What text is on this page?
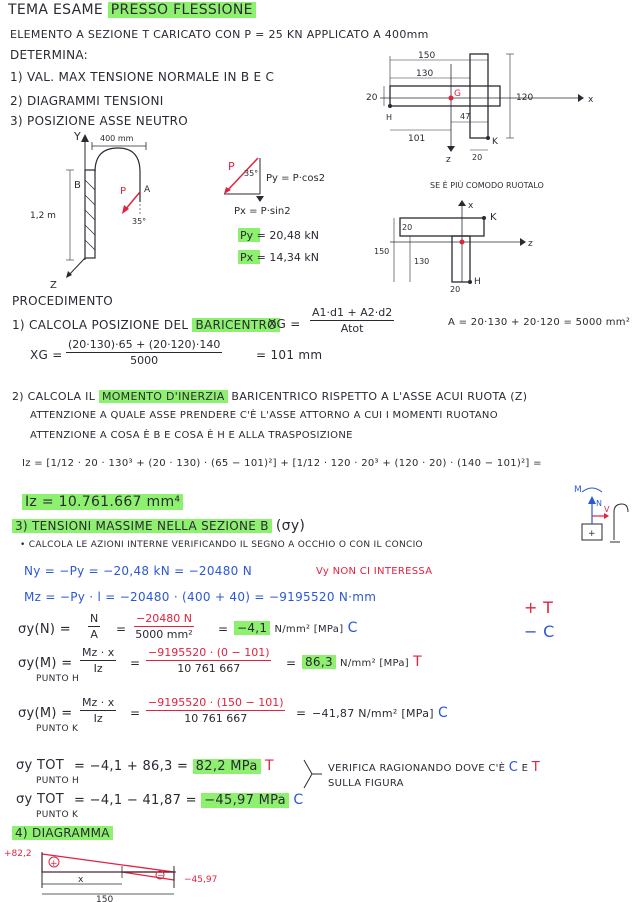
TEMA ESAME PRESSO FLESSIONE
ELEMENTO A SEZIONE T CARICATO CON P = 25 KN APPLICATO A 400mm
DETERMINA:
1) VAL. MAX TENSIONE NORMALE IN B E C
2) DIAGRAMMI TENSIONI
3) POSIZIONE ASSE NEUTRO
Y 400 mm
B
P A
35°
1,2 m
Z
P
35° Py = P·cos2
Px = P·sin2
Py = 20,48 kN
Px = 14,34 kN
150
130
20	120
G
H
K
47
101
z	20
x
SE È PIÙ COMODO RUOTALO
x
K
z
20
150
130
20
H
PROCEDIMENTO
1) CALCOLA POSIZIONE DEL BARICENTRO
XG =
A1·d1 + A2·d2
Atot	A = 20·130 + 20·120 = 5000 mm²
XG = $\frac{(20\cdot 130)\cdot 65 + (20\cdot 120)\cdot 140}{5000}$	= 101 mm
2) CALCOLA IL MOMENTO D'INERZIA BARICENTRICO RISPETTO A L'ASSE ACUI RUOTA (Z)
ATTENZIONE A QUALE ASSE PRENDERE C'È L'ASSE ATTORNO A CUI I MOMENTI RUOTANO
ATTENZIONE A COSA È B E COSA È H E ALLA TRASPOSIZIONE
Iz = [1/12 · 20 · 130³ + (20 · 130) · (65 − 101)²] + [1/12 · 120 · 20³ + (120 · 20) · (140 − 101)²] =
Iz = 10.761.667 mm⁴
3) TENSIONI MASSIME NELLA SEZIONE B (σy)
• CALCOLA LE AZIONI INTERNE VERIFICANDO IL SEGNO A OCCHIO O CON IL CONCIO
M
N
V
+
Ny = −Py = −20,48 kN = −20480 N	Vy NON CI INTERESSA
Mz = −Py · l = −20480 · (400 + 40) = −9195520 N·mm
+ T
− C
$\sigma y(N) = \frac{N}{A} = \frac{-20480 N}{\text{5000 mm²}} = -4,1$ N/mm² [MPa] C
σy(M) =
PUNTO H
$\frac{Mz \cdot x}{Iz} = \frac{-9195520 \cdot (0 - 101)}{10 761 667} = 86,3$ N/mm² [MPa] T
σy(M) =
PUNTO K
$\frac{Mz \cdot x}{Iz} = \frac{-9195520 \cdot (150 - 101)}{10 761 667} = -41,87$ N/mm² [MPa] C
σy TOT
PUNTO H
= −4,1 + 86,3 = 82,2 MPa T	VERIFICA RAGIONANDO DOVE C'È C E T
SULLA FIGURA
σy TOT
PUNTO K
= −4,1 − 41,87 = −45,97 MPa C
4) DIAGRAMMA
+82,2
+
−
x	−45,97
150
